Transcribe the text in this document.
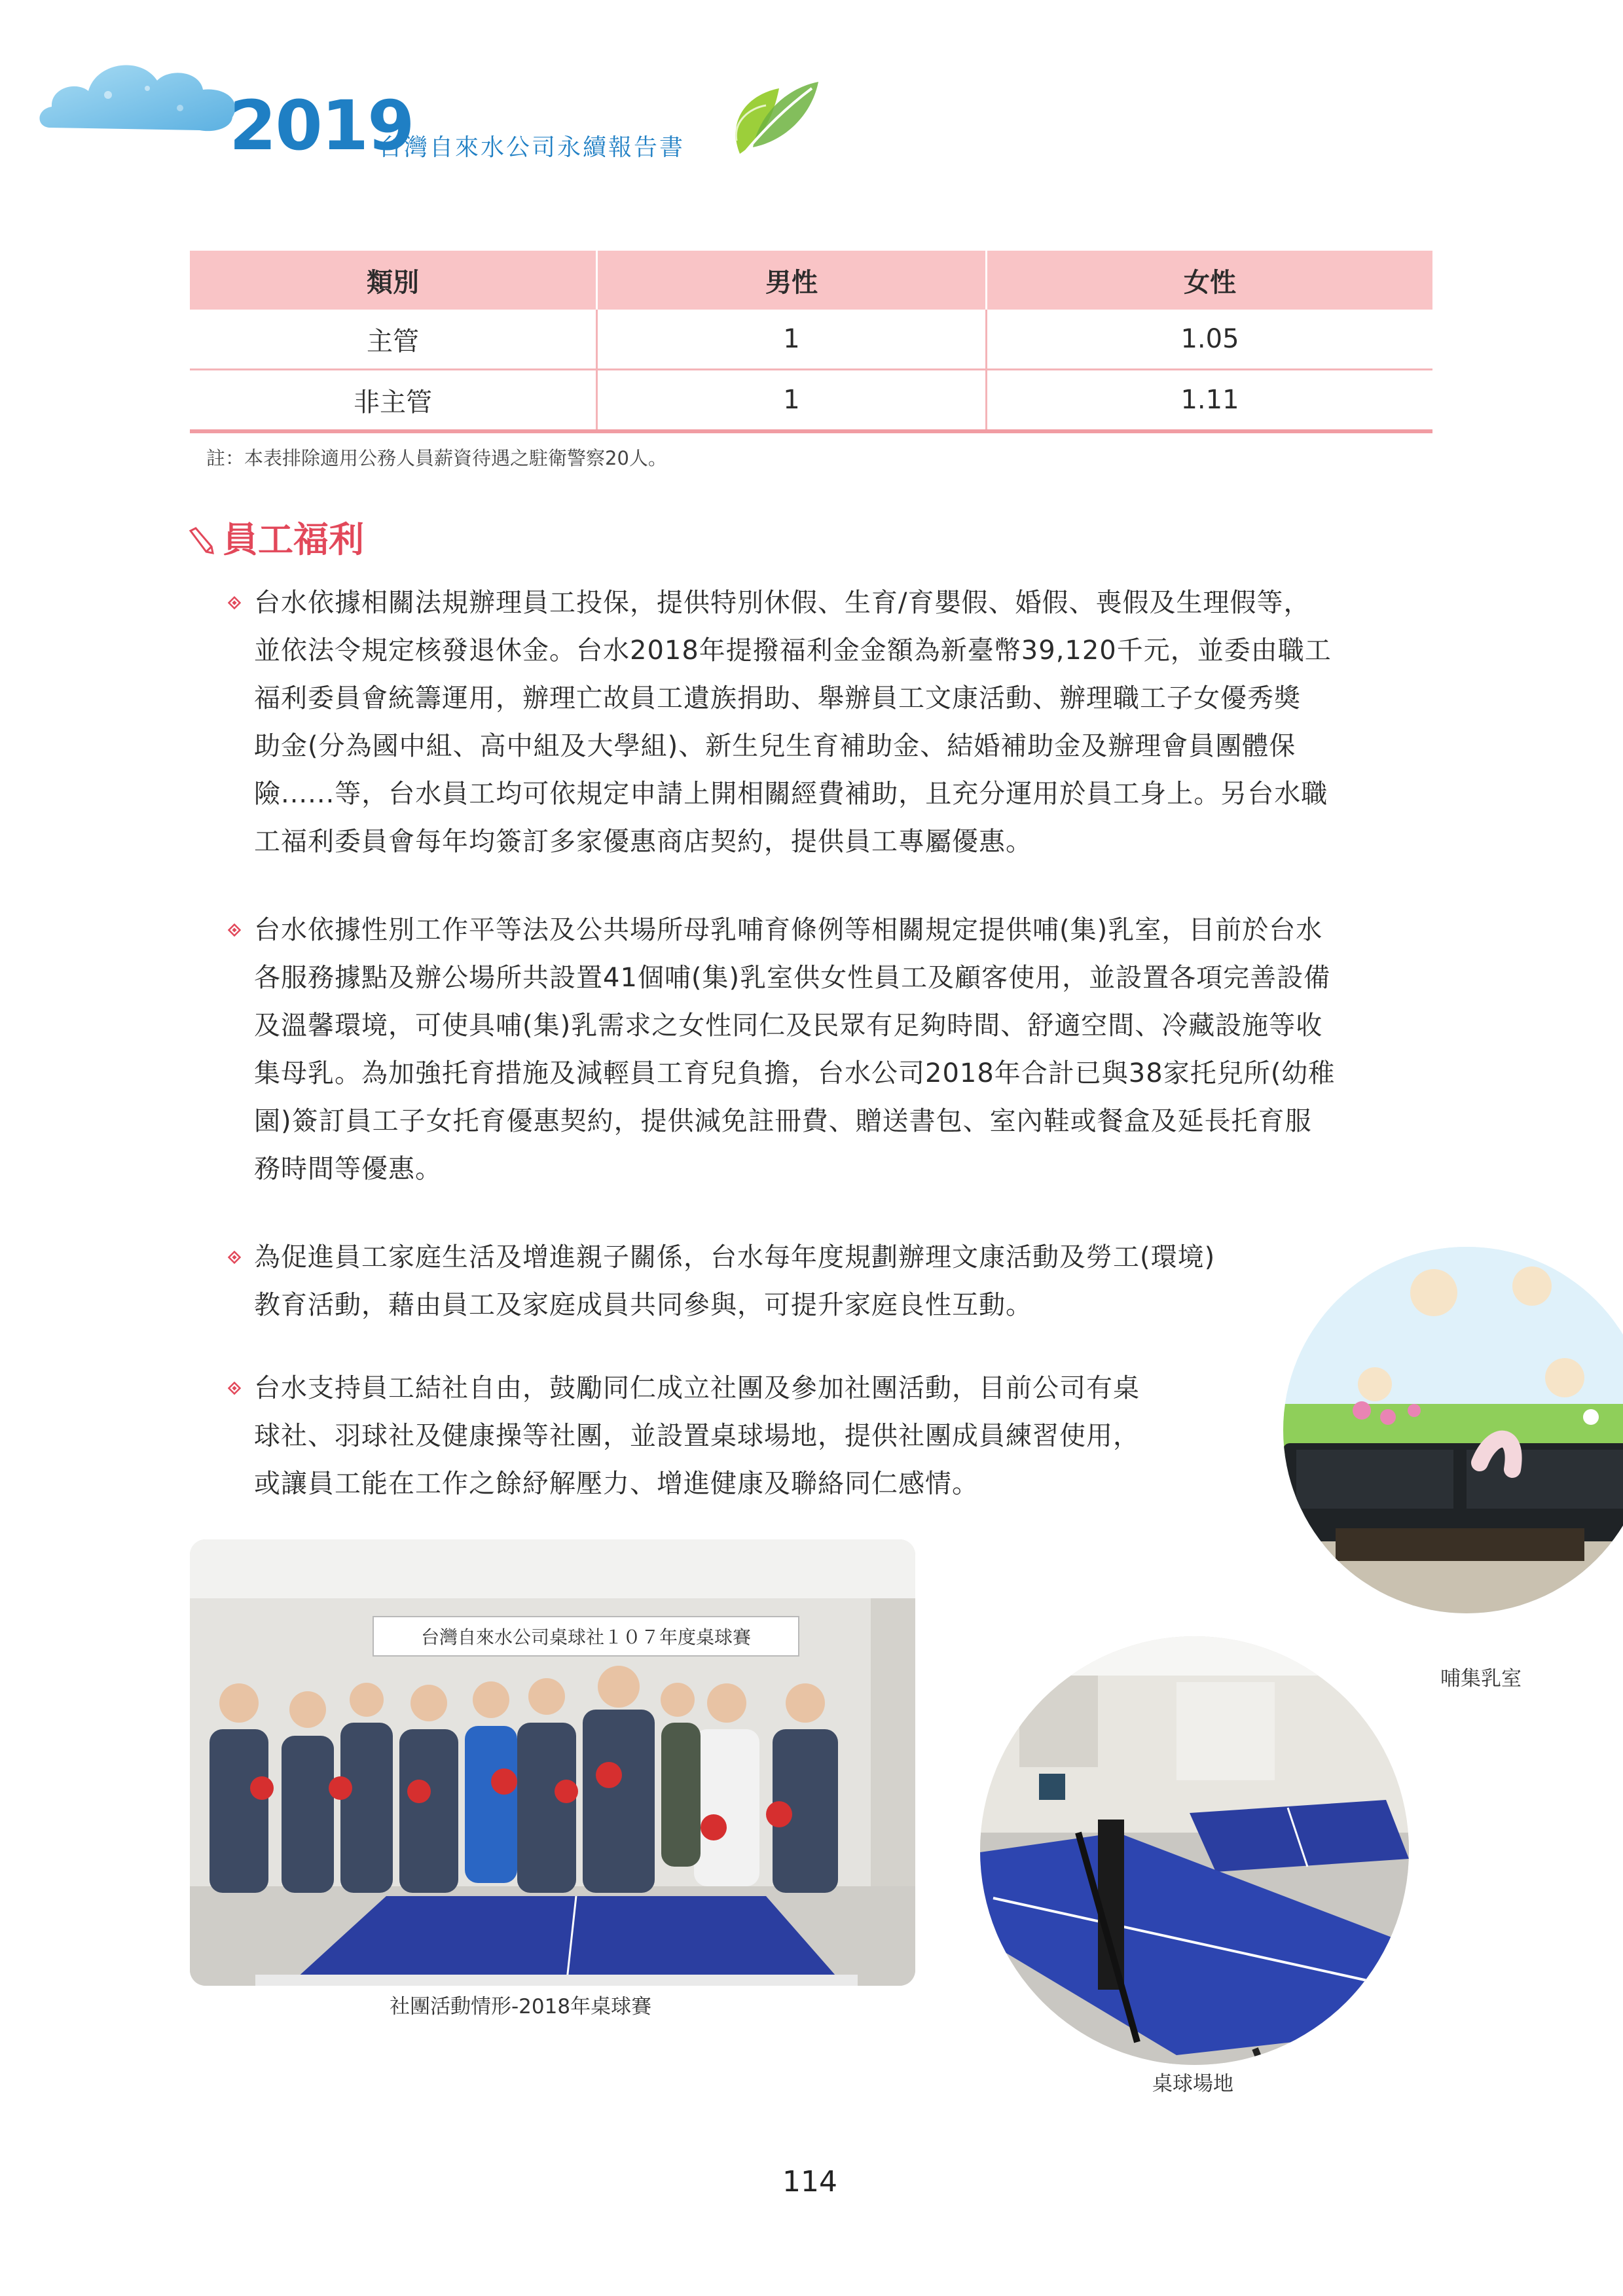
2019
台灣自來水公司永續報告書
類別	男性	女性
主管	1	1.05
非主管	1	1.11
註：本表排除適用公務人員薪資待遇之駐衛警察20人。
員工福利
台水依據相關法規辦理員工投保，提供特別休假、生育/育嬰假、婚假、喪假及生理假等，
並依法令規定核發退休金。台水2018年提撥福利金金額為新臺幣39,120千元，並委由職工
福利委員會統籌運用，辦理亡故員工遺族捐助、舉辦員工文康活動、辦理職工子女優秀獎
助金(分為國中組、高中組及大學組)、新生兒生育補助金、結婚補助金及辦理會員團體保
險......等，台水員工均可依規定申請上開相關經費補助，且充分運用於員工身上。另台水職
工福利委員會每年均簽訂多家優惠商店契約，提供員工專屬優惠。
台水依據性別工作平等法及公共場所母乳哺育條例等相關規定提供哺(集)乳室，目前於台水
各服務據點及辦公場所共設置41個哺(集)乳室供女性員工及顧客使用，並設置各項完善設備
及溫馨環境，可使具哺(集)乳需求之女性同仁及民眾有足夠時間、舒適空間、冷藏設施等收
集母乳。為加強托育措施及減輕員工育兒負擔，台水公司2018年合計已與38家托兒所(幼稚
園)簽訂員工子女托育優惠契約，提供減免註冊費、贈送書包、室內鞋或餐盒及延長托育服
務時間等優惠。
為促進員工家庭生活及增進親子關係，台水每年度規劃辦理文康活動及勞工(環境)
教育活動，藉由員工及家庭成員共同參與，可提升家庭良性互動。
台水支持員工結社自由，鼓勵同仁成立社團及參加社團活動，目前公司有桌
球社、羽球社及健康操等社團，並設置桌球場地，提供社團成員練習使用，
或讓員工能在工作之餘紓解壓力、增進健康及聯絡同仁感情。
哺集乳室
台灣自來水公司桌球社１０７年度桌球賽
社團活動情形-2018年桌球賽
桌球場地
114
